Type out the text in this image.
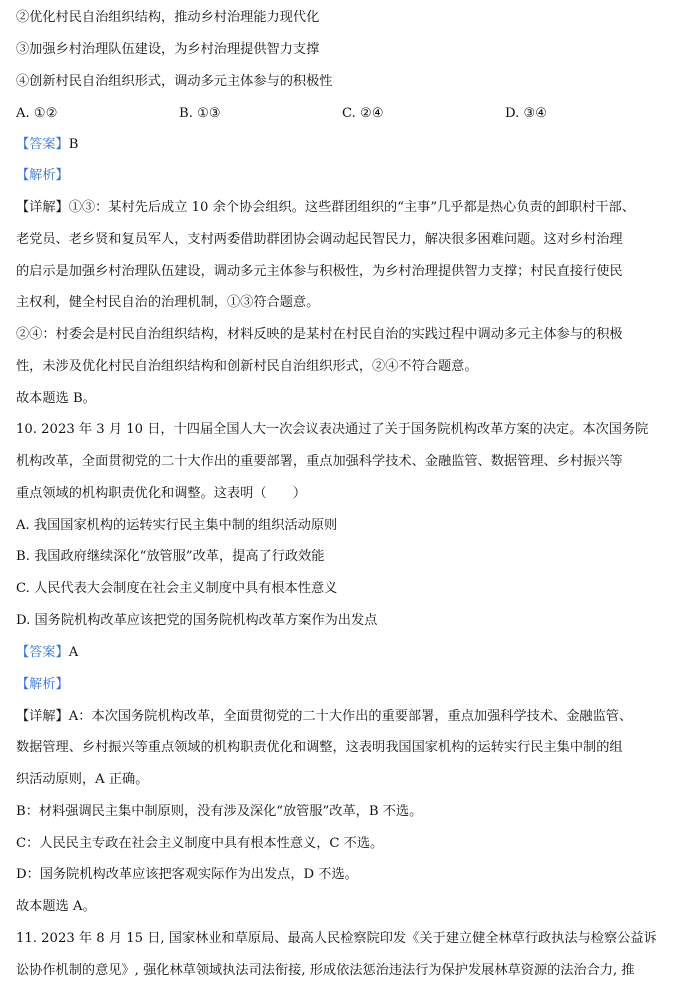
②优化村民自治组织结构，推动乡村治理能力现代化
③加强乡村治理队伍建设，为乡村治理提供智力支撑
④创新村民自治组织形式，调动多元主体参与的积极性
A. ①②	B. ①③	C. ②④	D. ③④
【答案】B
【解析】
【详解】①③：某村先后成立 10 余个协会组织。这些群团组织的“主事”几乎都是热心负责的卸职村干部、
老党员、老乡贤和复员军人，支村两委借助群团协会调动起民智民力，解决很多困难问题。这对乡村治理
的启示是加强乡村治理队伍建设，调动多元主体参与积极性，为乡村治理提供智力支撑；村民直接行使民
主权利，健全村民自治的治理机制，①③符合题意。
②④：村委会是村民自治组织结构，材料反映的是某村在村民自治的实践过程中调动多元主体参与的积极
性，未涉及优化村民自治组织结构和创新村民自治组织形式，②④不符合题意。
故本题选 B。
10. 2023 年 3 月 10 日，十四届全国人大一次会议表决通过了关于国务院机构改革方案的决定。本次国务院
机构改革，全面贯彻党的二十大作出的重要部署，重点加强科学技术、金融监管、数据管理、乡村振兴等
重点领域的机构职责优化和调整。这表明（　　）
A. 我国国家机构的运转实行民主集中制的组织活动原则
B. 我国政府继续深化“放管服”改革，提高了行政效能
C. 人民代表大会制度在社会主义制度中具有根本性意义
D. 国务院机构改革应该把党的国务院机构改革方案作为出发点
【答案】A
【解析】
【详解】A：本次国务院机构改革，全面贯彻党的二十大作出的重要部署，重点加强科学技术、金融监管、
数据管理、乡村振兴等重点领域的机构职责优化和调整，这表明我国国家机构的运转实行民主集中制的组
织活动原则，A 正确。
B：材料强调民主集中制原则，没有涉及深化“放管服”改革，B 不选。
C：人民民主专政在社会主义制度中具有根本性意义，C 不选。
D：国务院机构改革应该把客观实际作为出发点，D 不选。
故本题选 A。
11. 2023 年 8 月 15 日, 国家林业和草原局、最高人民检察院印发《关于建立健全林草行政执法与检察公益诉
讼协作机制的意见》, 强化林草领域执法司法衔接, 形成依法惩治违法行为保护发展林草资源的法治合力, 推
